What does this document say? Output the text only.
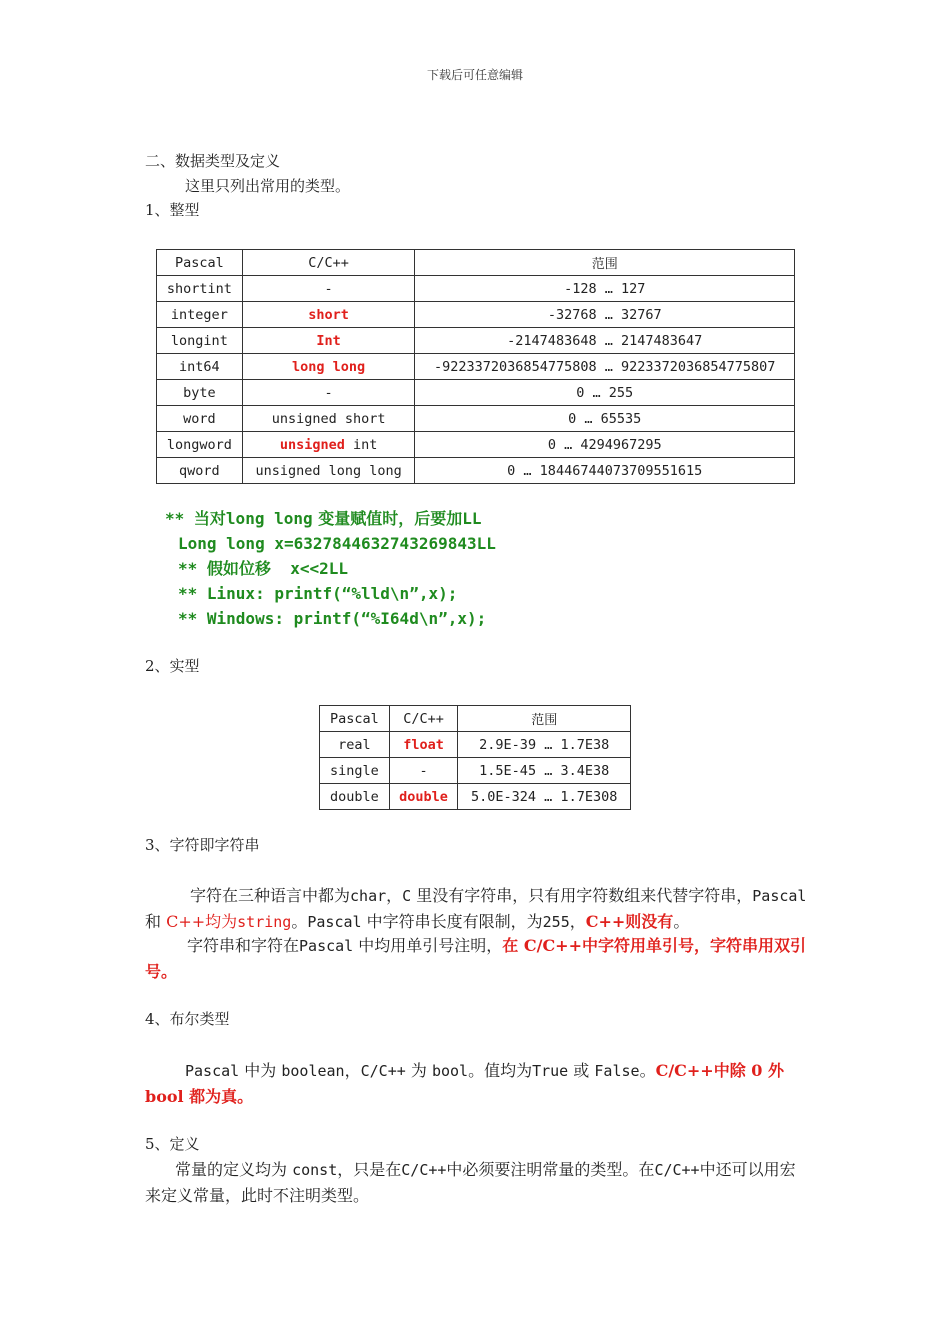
下载后可任意编辑
二、数据类型及定义
这里只列出常用的类型。
1、整型
Pascal	C/C++	范围
shortint	-	-128 … 127
integer	short	-32768 … 32767
longint	Int	-2147483648 … 2147483647
int64	long long	-9223372036854775808 … 9223372036854775807
byte	-	0 … 255
word	unsigned short	0 … 65535
longword	unsigned int	0 … 4294967295
qword	unsigned long long	0 … 18446744073709551615
** 当对long long 变量赋值时，后要加LL
Long long x=6327844632743269843LL
** 假如位移  x<<2LL
** Linux: printf(“%lld\n”,x);
** Windows: printf(“%I64d\n”,x);
2、实型
Pascal	C/C++	范围
real	float	2.9E-39 … 1.7E38
single	-	1.5E-45 … 3.4E38
double	double	5.0E-324 … 1.7E308
3、字符即字符串
字符在三种语言中都为char，C 里没有字符串，只有用字符数组来代替字符串，Pascal 和 C++均为string。Pascal 中字符串长度有限制，为255，C++则没有。
字符串和字符在Pascal 中均用单引号注明，在 C/C++中字符用单引号，字符串用双引号。
4、布尔类型
Pascal 中为 boolean，C/C++ 为 bool。值均为True 或 False。C/C++中除 0 外 bool 都为真。
5、定义
常量的定义均为 const，只是在C/C++中必须要注明常量的类型。在C/C++中还可以用宏来定义常量，此时不注明类型。
